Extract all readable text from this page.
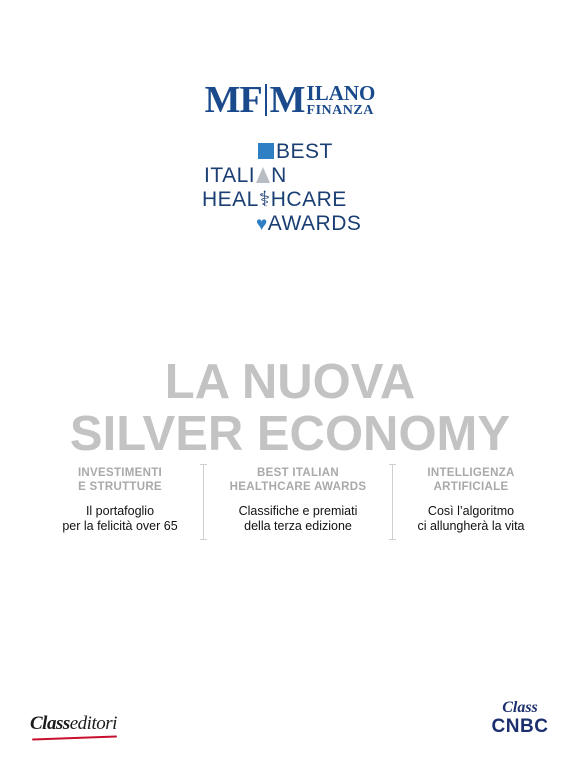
MF M ILANO
FINANZA
BEST
ITALI N
HEAL⚕HCARE
♥AWARDS
LA NUOVA
SILVER ECONOMY
INVESTIMENTI
E STRUTTURE
Il portafoglio
per la felicità over 65
BEST ITALIAN
HEALTHCARE AWARDS
Classifiche e premiati
della terza edizione
INTELLIGENZA
ARTIFICIALE
Così l’algoritmo
ci allungherà la vita
Classeditori
Class
CNBC
